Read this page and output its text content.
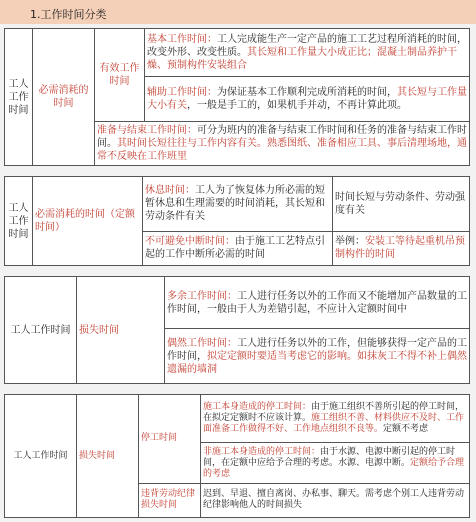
1.工作时间分类
工人工作时间	必需消耗的时间	有效工作时间	基本工作时间：工人完成能生产一定产品的施工工艺过程所消耗的时间，改变外形、改变性质。其长短和工作量大小成正比；混凝土制品养护干燥、预制构件安装组合
辅助工作时间：为保证基本工作顺利完成所消耗的时间，其长短与工作量大小有关，一般是手工的，如果机手并动，不再计算此项。
准备与结束工作时间：可分为班内的准备与结束工作时间和任务的准备与结束工作时间。其时间长短往往与工作内容有关。熟悉图纸、准备相应工具、事后清理场地，通常不反映在工作班里
工人工作时间	必需消耗的时间（定额时间）	休息时间：工人为了恢复体力所必需的短暂休息和生理需要的时间消耗，其长短和劳动条件有关	时间长短与劳动条件、劳动强度有关
		不可避免中断时间：由于施工工艺特点引起的工作中断所必需的时间	举例：安装工等待起重机吊预制构件的时间
工人工作时间	损失时间	多余工作时间：工人进行任务以外的工作而又不能增加产品数量的工作时间，一般由于人为差错引起，不应计入定额时间中
偶然工作时间：工人进行任务以外的工作，但能够获得一定产品的工作时间，拟定定额时要适当考虑它的影响。如抹灰工不得不补上偶然遗漏的墙洞
工人工作时间	损失时间	停工时间	施工本身造成的停工时间：由于施工组织不善所引起的停工时间，在拟定定额时不应该计算。施工组织不善、材料供应不及时、工作面准备工作做得不好、工作地点组织不良等。定额不考虑
			非施工本身造成的停工时间：由于水源、电源中断引起的停工时间，在定额中应给予合理的考虑。水源、电源中断。定额给予合理的考虑
		违背劳动纪律损失时间	迟到、早退、擅自离岗、办私事、聊天。需考虑个别工人违背劳动纪律影响他人的时间损失
